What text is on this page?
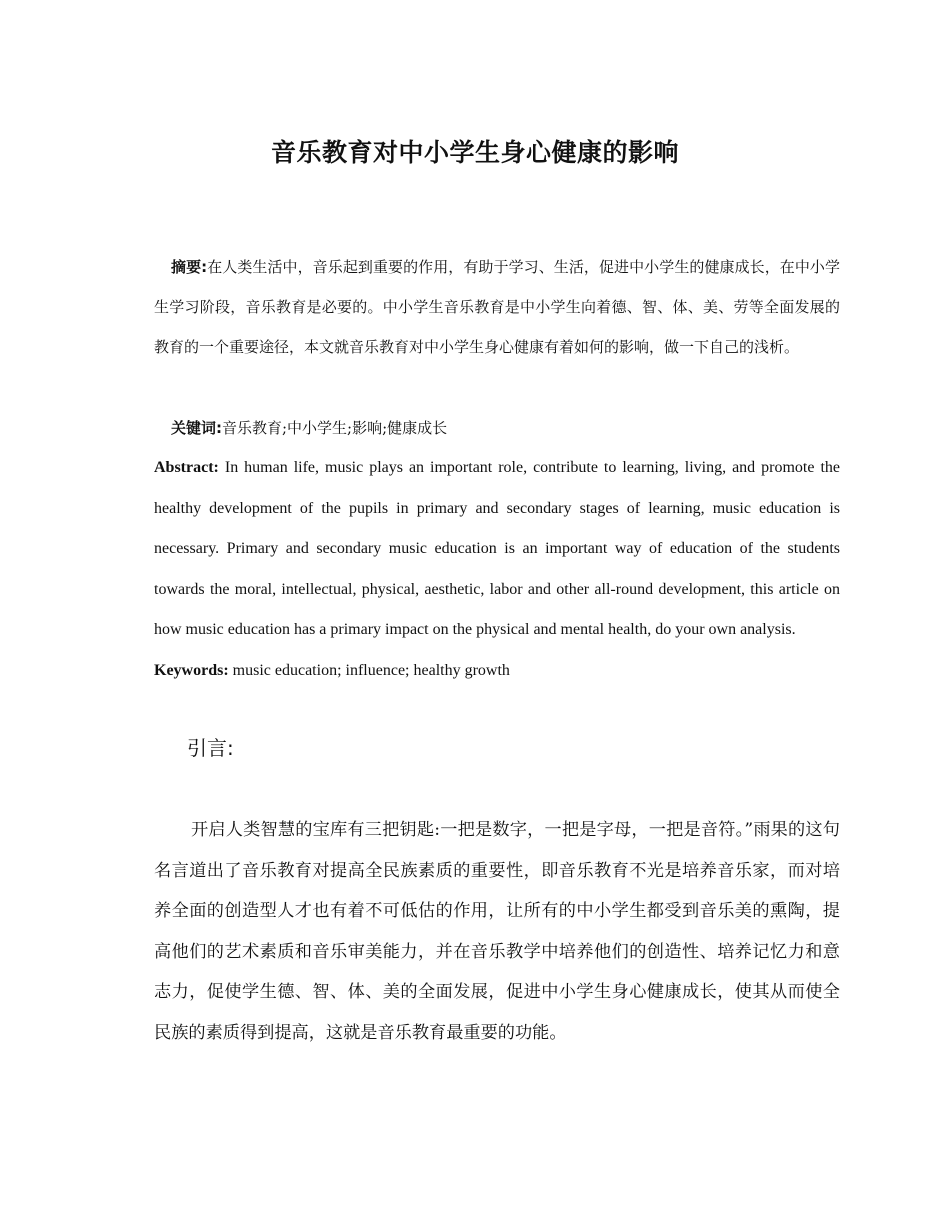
音乐教育对中小学生身心健康的影响
摘要:在人类生活中，音乐起到重要的作用，有助于学习、生活，促进中小学生的健康成长，在中小学生学习阶段，音乐教育是必要的。中小学生音乐教育是中小学生向着德、智、体、美、劳等全面发展的教育的一个重要途径，本文就音乐教育对中小学生身心健康有着如何的影响，做一下自己的浅析。
关键词:音乐教育;中小学生;影响;健康成长
Abstract: In human life, music plays an important role, contribute to learning, living, and promote the healthy development of the pupils in primary and secondary stages of learning, music education is necessary. Primary and secondary music education is an important way of education of the students towards the moral, intellectual, physical, aesthetic, labor and other all-round development, this article on how music education has a primary impact on the physical and mental health, do your own analysis.
Keywords: music education; influence; healthy growth
引言:
开启人类智慧的宝库有三把钥匙:一把是数字，一把是字母，一把是音符。”雨果的这句名言道出了音乐教育对提高全民族素质的重要性，即音乐教育不光是培养音乐家，而对培养全面的创造型人才也有着不可低估的作用，让所有的中小学生都受到音乐美的熏陶，提高他们的艺术素质和音乐审美能力，并在音乐教学中培养他们的创造性、培养记忆力和意志力，促使学生德、智、体、美的全面发展，促进中小学生身心健康成长，使其从而使全民族的素质得到提高，这就是音乐教育最重要的功能。
